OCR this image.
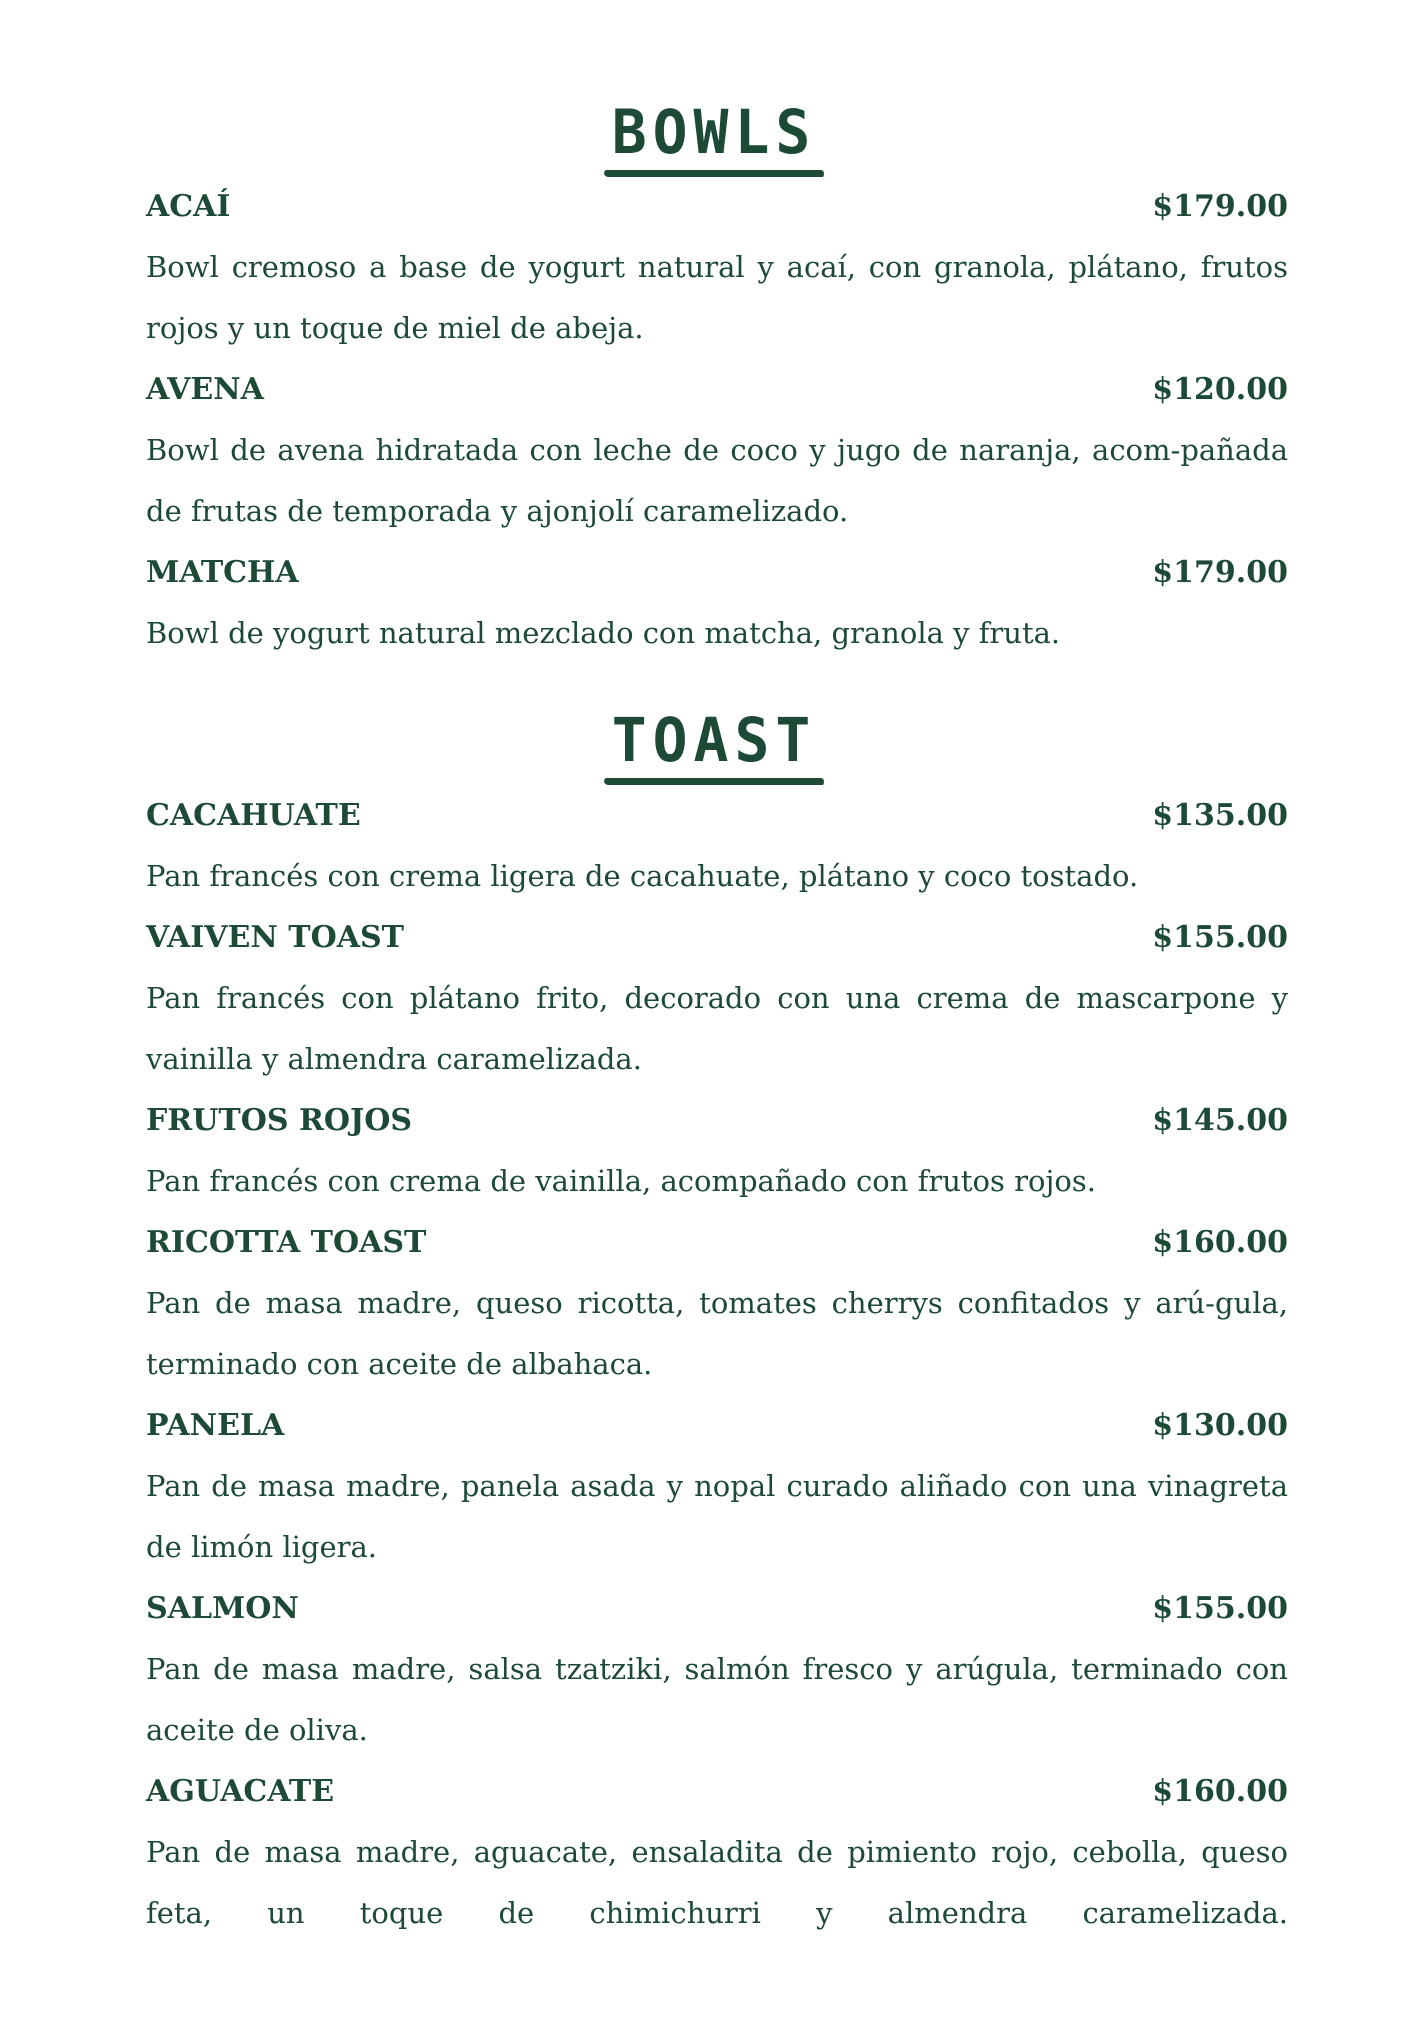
BOWLS
ACAÍ	$179.00
Bowl cremoso a base de yogurt natural y acaí, con granola, plátano, frutos rojos y un toque de miel de abeja.
AVENA	$120.00
Bowl de avena hidratada con leche de coco y jugo de naranja, acom-pañada de frutas de temporada y ajonjolí caramelizado.
MATCHA	$179.00
Bowl de yogurt natural mezclado con matcha, granola y fruta.
TOAST
CACAHUATE	$135.00
Pan francés con crema ligera de cacahuate, plátano y coco tostado.
VAIVEN TOAST	$155.00
Pan francés con plátano frito, decorado con una crema de mascarpone y vainilla y almendra caramelizada.
FRUTOS ROJOS	$145.00
Pan francés con crema de vainilla, acompañado con frutos rojos.
RICOTTA TOAST	$160.00
Pan de masa madre, queso ricotta, tomates cherrys confitados y arú-gula, terminado con aceite de albahaca.
PANELA	$130.00
Pan de masa madre, panela asada y nopal curado aliñado con una vinagreta de limón ligera.
SALMON	$155.00
Pan de masa madre, salsa tzatziki, salmón fresco y arúgula, terminado con aceite de oliva.
AGUACATE	$160.00
Pan de masa madre, aguacate, ensaladita de pimiento rojo, cebolla, queso feta, un toque de chimichurri y almendra caramelizada.
